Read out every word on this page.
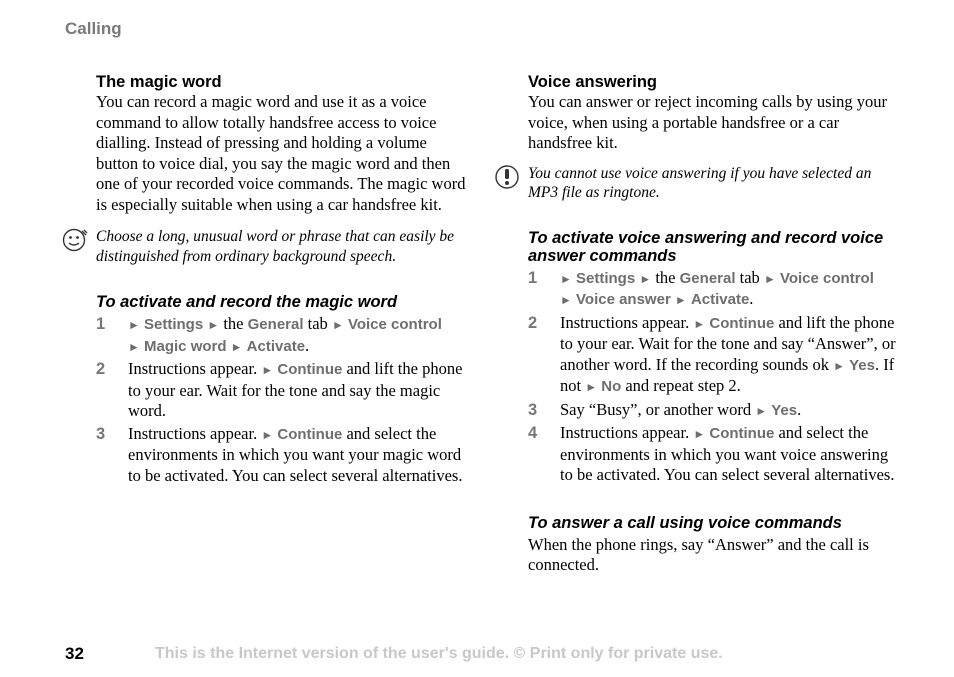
Calling
The magic word

You can record a magic word and use it as a voice command to allow totally handsfree access to voice dialling. Instead of pressing and holding a volume button to voice dial, you say the magic word and then one of your recorded voice commands. The magic word is especially suitable when using a car handsfree kit.

Choose a long, unusual word or phrase that can easily be distinguished from ordinary background speech.
To activate and record the magic word
1 ► Settings ► the General tab ► Voice control
► Magic word ► Activate.
2 Instructions appear. ► Continue and lift the phone to your ear. Wait for the tone and say the magic word.
3 Instructions appear. ► Continue and select the environments in which you want your magic word to be activated. You can select several alternatives.
Voice answering

You can answer or reject incoming calls by using your voice, when using a portable handsfree or a car handsfree kit.

You cannot use voice answering if you have selected an MP3 file as ringtone.
To activate voice answering and record voice answer commands
1 ► Settings ► the General tab ► Voice control
► Voice answer ► Activate.
2 Instructions appear. ► Continue and lift the phone to your ear. Wait for the tone and say “Answer”, or another word. If the recording sounds ok ► Yes. If not ► No and repeat step 2.
3 Say “Busy”, or another word ► Yes.
4 Instructions appear. ► Continue and select the environments in which you want voice answering to be activated. You can select several alternatives.
To answer a call using voice commands

When the phone rings, say “Answer” and the call is connected.

32	This is the Internet version of the user's guide. © Print only for private use.
